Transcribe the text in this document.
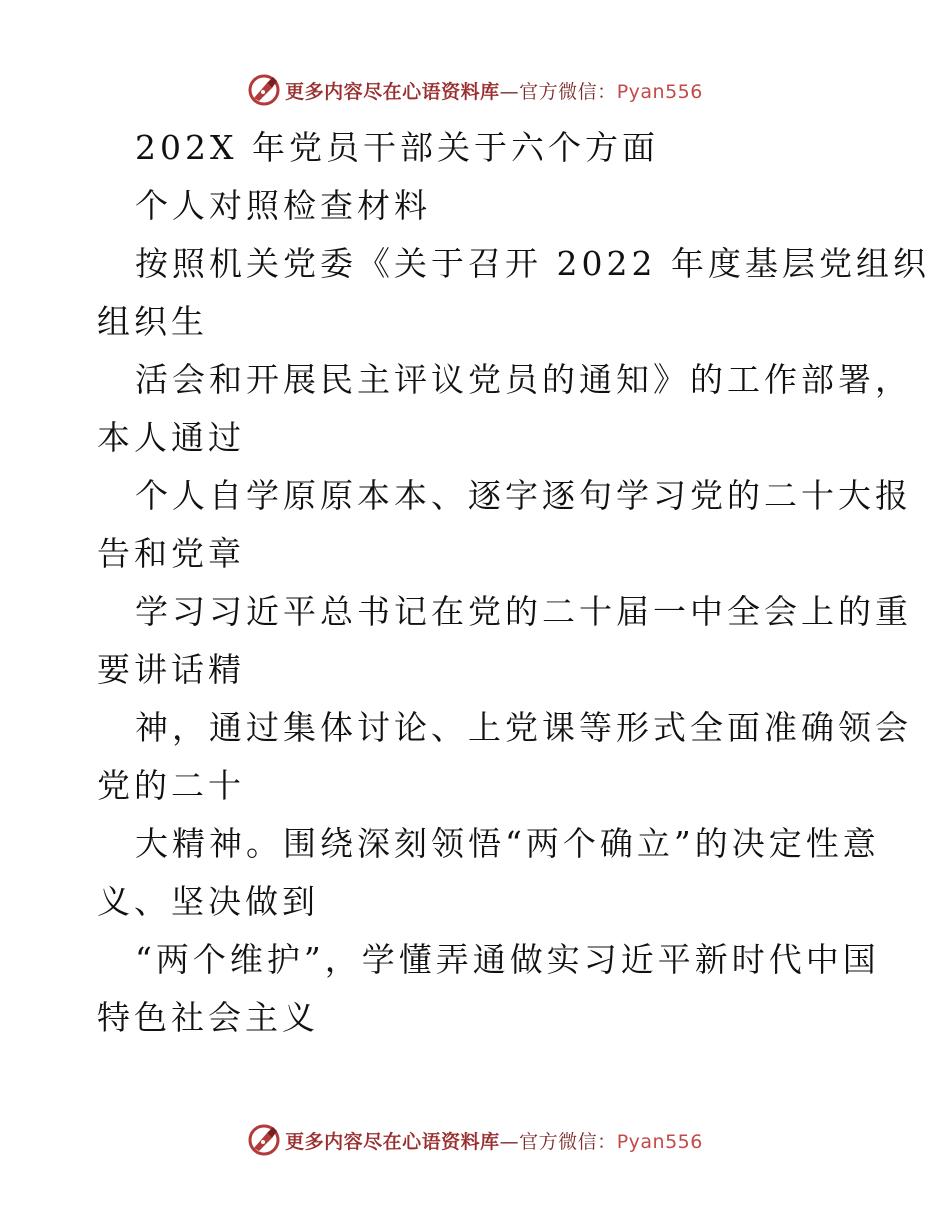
更多内容尽在心语资料库—官方微信：Pyan556
202X 年党员干部关于六个方面
个人对照检查材料
按照机关党委《关于召开 2022 年度基层党组织
组织生
活会和开展民主评议党员的通知》的工作部署，
本人通过
个人自学原原本本、逐字逐句学习党的二十大报
告和党章
学习习近平总书记在党的二十届一中全会上的重
要讲话精
神，通过集体讨论、上党课等形式全面准确领会
党的二十
大精神。围绕深刻领悟“两个确立”的决定性意
义、坚决做到
“两个维护”，学懂弄通做实习近平新时代中国
特色社会主义
更多内容尽在心语资料库—官方微信：Pyan556
